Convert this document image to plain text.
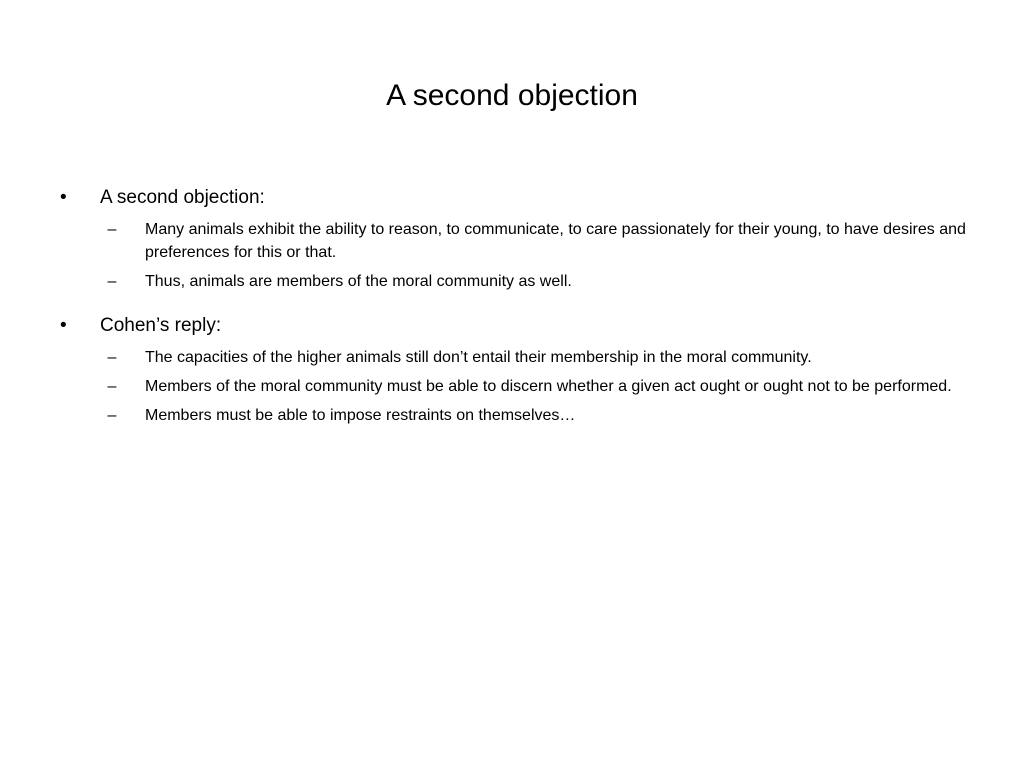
A second objection
•	A second objection:
–	Many animals exhibit the ability to reason, to communicate, to care passionately for their young, to have desires and preferences for this or that.
–	Thus, animals are members of the moral community as well.
•	Cohen’s reply:
–	The capacities of the higher animals still don’t entail their membership in the moral community.
–	Members of the moral community must be able to discern whether a given act ought or ought not to be performed.
–	Members must be able to impose restraints on themselves…
